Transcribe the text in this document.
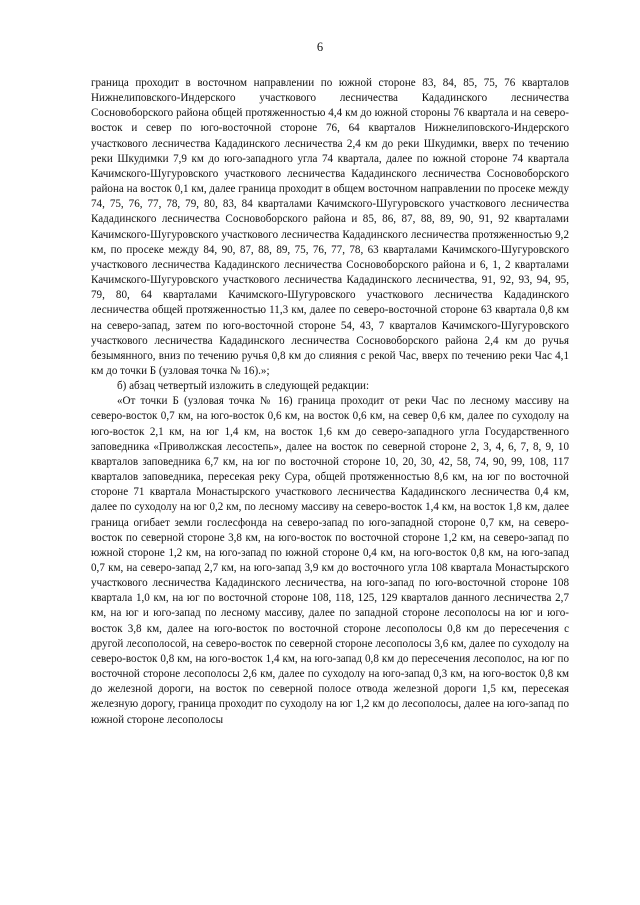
6

граница проходит в восточном направлении по южной стороне 83, 84, 85, 75, 76 кварталов Нижнелиповского-Индерского участкового лесничества Кададинского лесничества Сосновоборского района общей протяженностью 4,4 км до южной стороны 76 квартала и на северо-восток и север по юго-восточной стороне 76, 64 кварталов Нижнелиповского-Индерского участкового лесничества Кададинского лесничества 2,4 км до реки Шкудимки, вверх по течению реки Шкудимки 7,9 км до юго-западного угла 74 квартала, далее по южной стороне 74 квартала Качимского-Шугуровского участкового лесничества Кададинского лесничества Сосновоборского района на восток 0,1 км, далее граница проходит в общем восточном направлении по просеке между 74, 75, 76, 77, 78, 79, 80, 83, 84 кварталами Качимского-Шугуровского участкового лесничества Кададинского лесничества Сосновоборского района и 85, 86, 87, 88, 89, 90, 91, 92 кварталами Качимского-Шугуровского участкового лесничества Кададинского лесничества протяженностью 9,2 км, по просеке между 84, 90, 87, 88, 89, 75, 76, 77, 78, 63 кварталами Качимского-Шугуровского участкового лесничества Кададинского лесничества Сосновоборского района и 6, 1, 2 кварталами Качимского-Шугуровского участкового лесничества Кададинского лесничества, 91, 92, 93, 94, 95, 79, 80, 64 кварталами Качимского-Шугуровского участкового лесничества Кададинского лесничества общей протяженностью 11,3 км, далее по северо-восточной стороне 63 квартала 0,8 км на северо-запад, затем по юго-восточной стороне 54, 43, 7 кварталов Качимского-Шугуровского участкового лесничества Кададинского лесничества Сосновоборского района 2,4 км до ручья безымянного, вниз по течению ручья 0,8 км до слияния с рекой Час, вверх по течению реки Час 4,1 км до точки Б (узловая точка № 16).»;

б) абзац четвертый изложить в следующей редакции:

«От точки Б (узловая точка № 16) граница проходит от реки Час по лесному массиву на северо-восток 0,7 км, на юго-восток 0,6 км, на восток 0,6 км, на север 0,6 км, далее по суходолу на юго-восток 2,1 км, на юг 1,4 км, на восток 1,6 км до северо-западного угла Государственного заповедника «Приволжская лесостепь», далее на восток по северной стороне 2, 3, 4, 6, 7, 8, 9, 10 кварталов заповедника 6,7 км, на юг по восточной стороне 10, 20, 30, 42, 58, 74, 90, 99, 108, 117 кварталов заповедника, пересекая реку Сура, общей протяженностью 8,6 км, на юг по восточной стороне 71 квартала Монастырского участкового лесничества Кададинского лесничества 0,4 км, далее по суходолу на юг 0,2 км, по лесному массиву на северо-восток 1,4 км, на восток 1,8 км, далее граница огибает земли гослесфонда на северо-запад по юго-западной стороне 0,7 км, на северо-восток по северной стороне 3,8 км, на юго-восток по восточной стороне 1,2 км, на северо-запад по южной стороне 1,2 км, на юго-запад по южной стороне 0,4 км, на юго-восток 0,8 км, на юго-запад 0,7 км, на северо-запад 2,7 км, на юго-запад 3,9 км до восточного угла 108 квартала Монастырского участкового лесничества Кададинского лесничества, на юго-запад по юго-восточной стороне 108 квартала 1,0 км, на юг по восточной стороне 108, 118, 125, 129 кварталов данного лесничества 2,7 км, на юг и юго-запад по лесному массиву, далее по западной стороне лесополосы на юг и юго-восток 3,8 км, далее на юго-восток по восточной стороне лесополосы 0,8 км до пересечения с другой лесополосой, на северо-восток по северной стороне лесополосы 3,6 км, далее по суходолу на северо-восток 0,8 км, на юго-восток 1,4 км, на юго-запад 0,8 км до пересечения лесополос, на юг по восточной стороне лесополосы 2,6 км, далее по суходолу на юго-запад 0,3 км, на юго-восток 0,8 км до железной дороги, на восток по северной полосе отвода железной дороги 1,5 км, пересекая железную дорогу, граница проходит по суходолу на юг 1,2 км до лесополосы, далее на юго-запад по южной стороне лесополосы
